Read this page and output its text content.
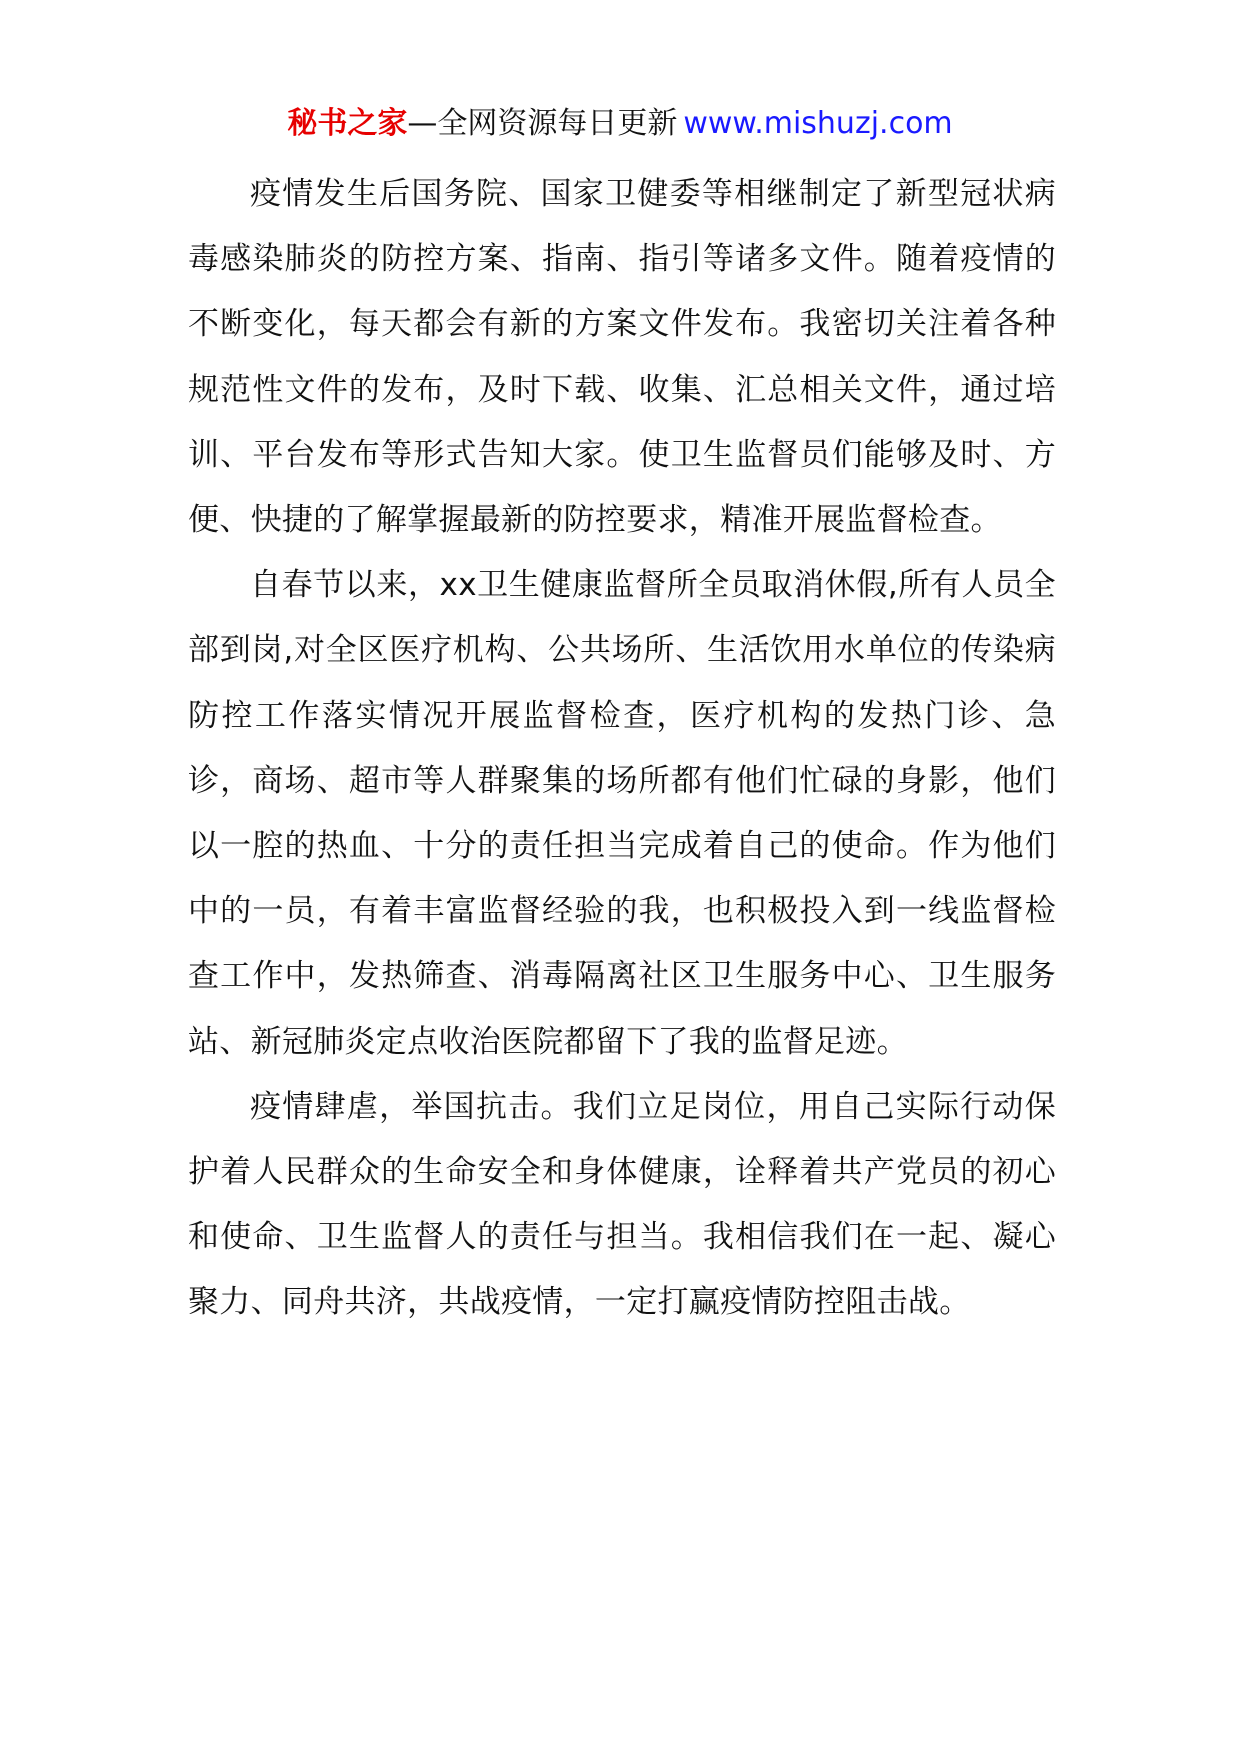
秘书之家—全网资源每日更新 www.mishuzj.com

疫情发生后国务院、国家卫健委等相继制定了新型冠状病毒感染肺炎的防控方案、指南、指引等诸多文件。随着疫情的不断变化，每天都会有新的方案文件发布。我密切关注着各种规范性文件的发布，及时下载、收集、汇总相关文件，通过培训、平台发布等形式告知大家。使卫生监督员们能够及时、方便、快捷的了解掌握最新的防控要求，精准开展监督检查。

自春节以来，xx卫生健康监督所全员取消休假,所有人员全部到岗,对全区医疗机构、公共场所、生活饮用水单位的传染病防控工作落实情况开展监督检查，医疗机构的发热门诊、急诊，商场、超市等人群聚集的场所都有他们忙碌的身影，他们以一腔的热血、十分的责任担当完成着自己的使命。作为他们中的一员，有着丰富监督经验的我，也积极投入到一线监督检查工作中，发热筛查、消毒隔离社区卫生服务中心、卫生服务站、新冠肺炎定点收治医院都留下了我的监督足迹。

疫情肆虐，举国抗击。我们立足岗位，用自己实际行动保护着人民群众的生命安全和身体健康，诠释着共产党员的初心和使命、卫生监督人的责任与担当。我相信我们在一起、凝心聚力、同舟共济，共战疫情，一定打赢疫情防控阻击战。
